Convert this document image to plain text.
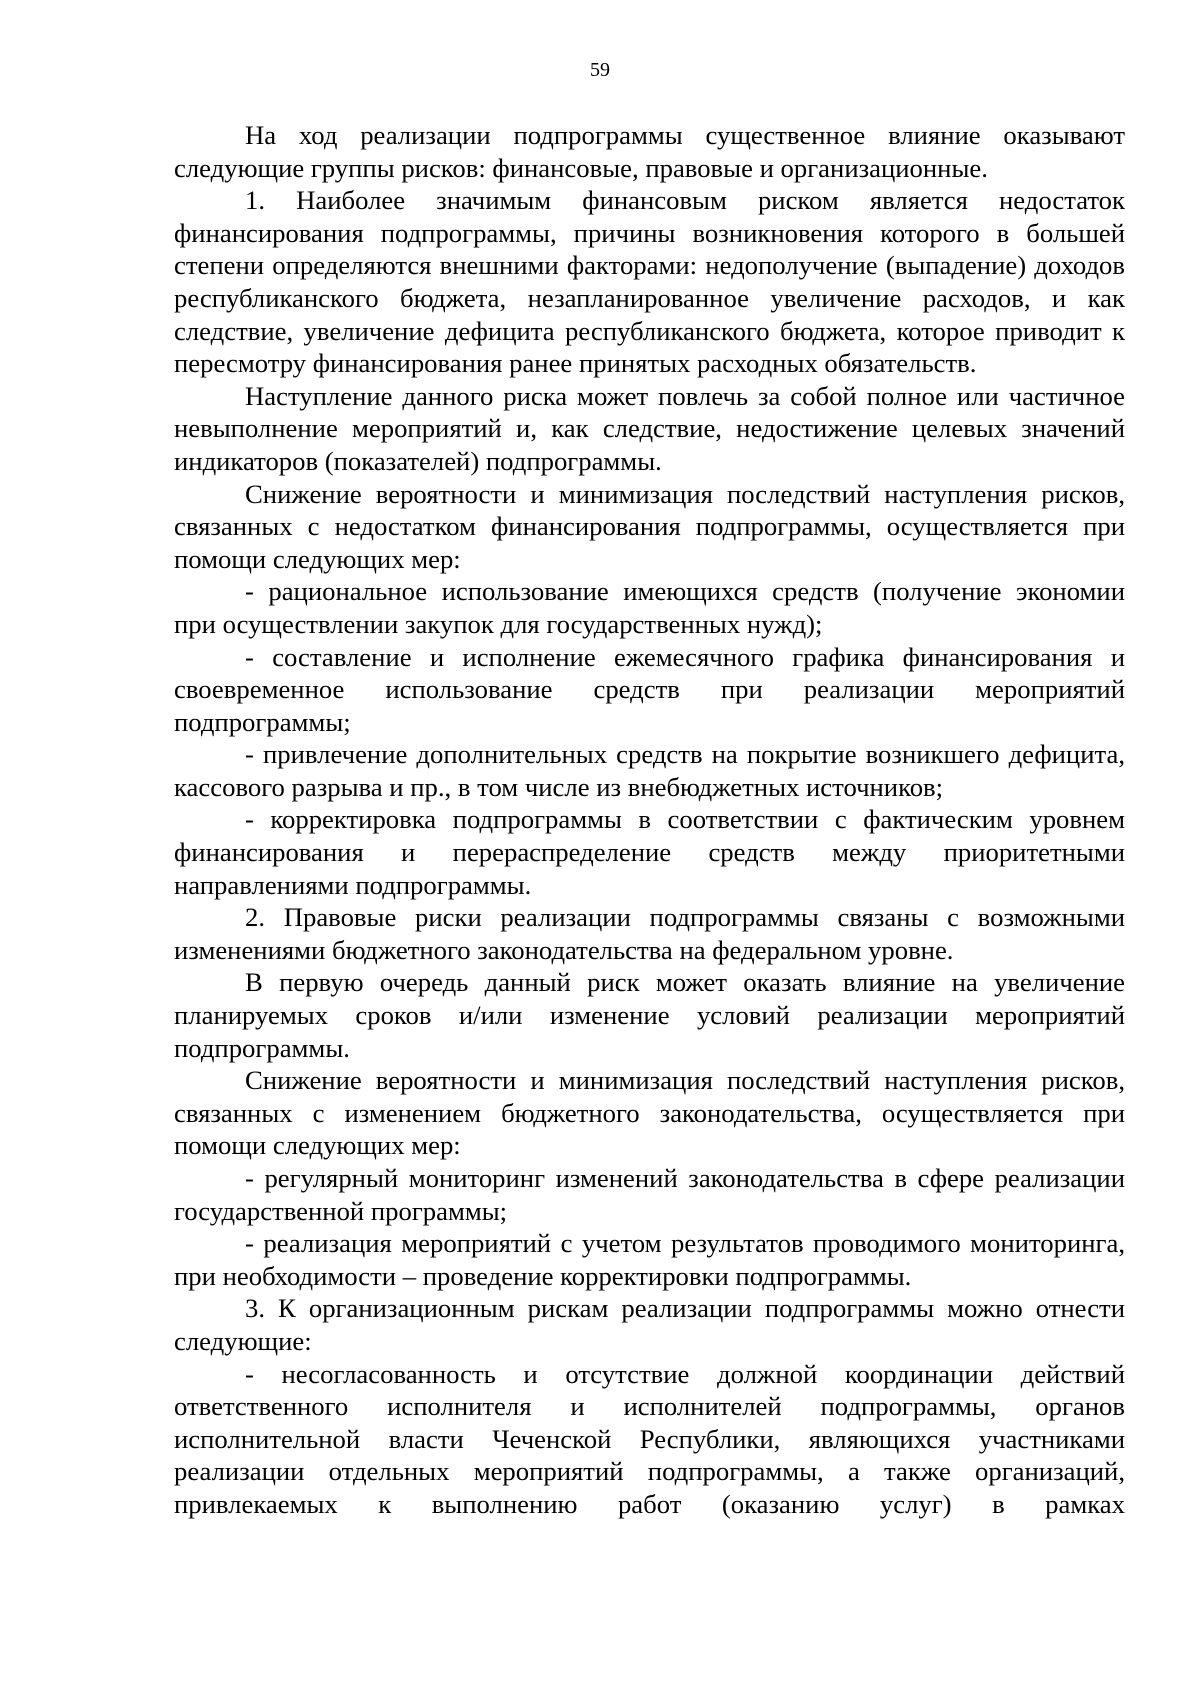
59

На ход реализации подпрограммы существенное влияние оказывают следующие группы рисков: финансовые, правовые и организационные.

1. Наиболее значимым финансовым риском является недостаток финансирования подпрограммы, причины возникновения которого в большей степени определяются внешними факторами: недополучение (выпадение) доходов республиканского бюджета, незапланированное увеличение расходов, и как следствие, увеличение дефицита республиканского бюджета, которое приводит к пересмотру финансирования ранее принятых расходных обязательств.

Наступление данного риска может повлечь за собой полное или частичное невыполнение мероприятий и, как следствие, недостижение целевых значений индикаторов (показателей) подпрограммы.

Снижение вероятности и минимизация последствий наступления рисков, связанных с недостатком финансирования подпрограммы, осуществляется при помощи следующих мер:

- рациональное использование имеющихся средств (получение экономии при осуществлении закупок для государственных нужд);

- составление и исполнение ежемесячного графика финансирования и своевременное использование средств при реализации мероприятий подпрограммы;

- привлечение дополнительных средств на покрытие возникшего дефицита, кассового разрыва и пр., в том числе из внебюджетных источников;

- корректировка подпрограммы в соответствии с фактическим уровнем финансирования и перераспределение средств между приоритетными направлениями подпрограммы.

2. Правовые риски реализации подпрограммы связаны с возможными изменениями бюджетного законодательства на федеральном уровне.

В первую очередь данный риск может оказать влияние на увеличение планируемых сроков и/или изменение условий реализации мероприятий подпрограммы.

Снижение вероятности и минимизация последствий наступления рисков, связанных с изменением бюджетного законодательства, осуществляется при помощи следующих мер:

- регулярный мониторинг изменений законодательства в сфере реализации государственной программы;

- реализация мероприятий с учетом результатов проводимого мониторинга, при необходимости – проведение корректировки подпрограммы.

3. К организационным рискам реализации подпрограммы можно отнести следующие:

- несогласованность и отсутствие должной координации действий ответственного исполнителя и исполнителей подпрограммы, органов исполнительной власти Чеченской Республики, являющихся участниками реализации отдельных мероприятий подпрограммы, а также организаций, привлекаемых к выполнению работ (оказанию услуг) в рамках
